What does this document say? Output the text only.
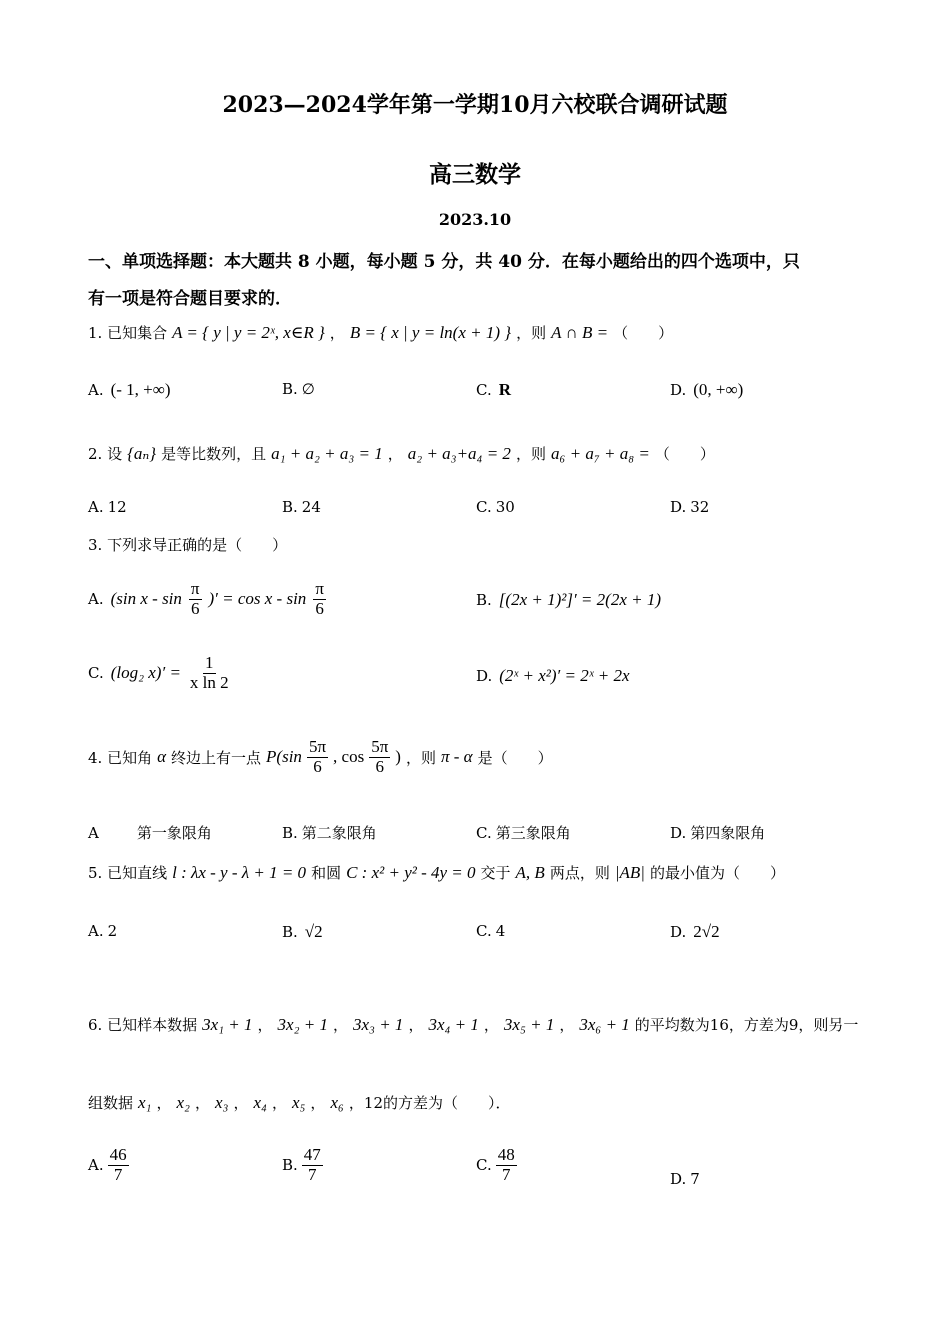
2023—2024学年第一学期10月六校联合调研试题
高三数学
2023.10
一、单项选择题：本大题共 8 小题，每小题 5 分，共 40 分．在每小题给出的四个选项中，只
有一项是符合题目要求的．
1. 已知集合 A = { y | y = 2ˣ, x∈R } ， B = { x | y = ln(x + 1) } ，则 A ∩ B = （　　）
A. (- 1, +∞)	B. ∅	C. R	D. (0, +∞)
2. 设 {aₙ} 是等比数列，且 a₁ + a₂ + a₃ = 1 ， a₂ + a₃+a₄ = 2 ，则 a₆ + a₇ + a₈ = （　　）
A. 12	B. 24	C. 30	D. 32
3. 下列求导正确的是（　　）
A. (sin x - $\sin \frac{\pi}{6}$ )′ = cos x - $\sin \frac{\pi}{6}$	B. [(2x + 1)²]′ = 2(2x + 1)
C. (log₂ $x)' = \frac{1}{\text{x ln 2}}$	D. (2ˣ + x²)′ = 2ˣ + 2x
4. 已知角 α 终边上有一点 $P(\sin \frac{5\pi}{6}$ , $\cos \frac{5\pi}{6}$ ) ，则 π - α 是（　　）
A	第一象限角	B. 第二象限角	C. 第三象限角	D. 第四象限角
5. 已知直线 l : λx - y - λ + 1 = 0 和圆 C : x² + y² - 4y = 0 交于 A, B 两点，则 |AB| 的最小值为（　　）
A. 2	B. √2	C. 4	D. 2√2
6. 已知样本数据 3x₁ + 1 ， 3x₂ + 1 ， 3x₃ + 1 ， 3x₄ + 1 ， 3x₅ + 1 ， 3x₆ + 1 的平均数为16，方差为9，则另一
组数据 x₁ ， x₂ ， x₃ ， x₄ ， x₅ ， x₆ ，12的方差为（　　）．
A. $\frac{46}{7}$	B. $\frac{47}{7}$	C. $\frac{48}{7}$	D. 7
